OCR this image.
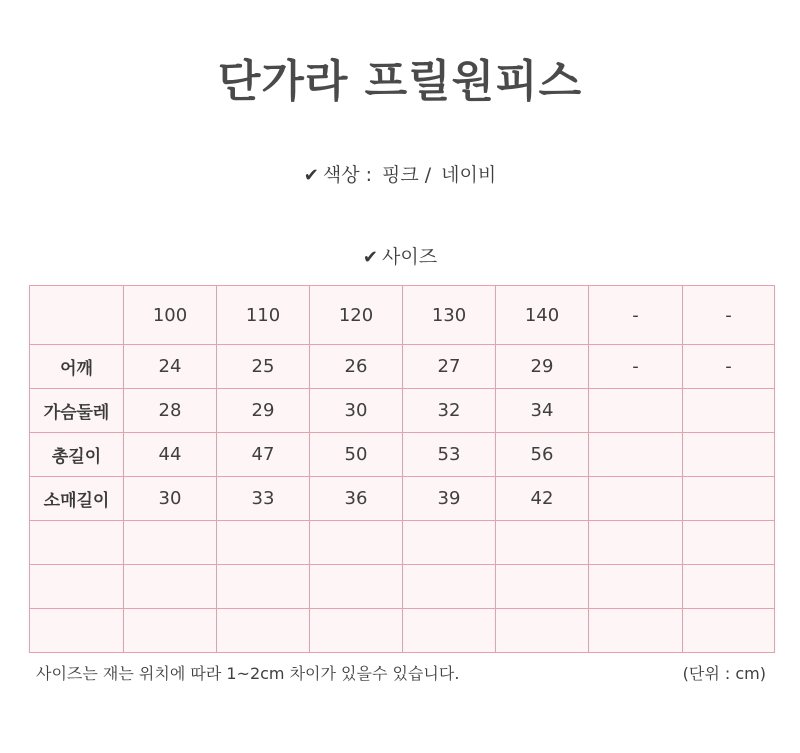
단가라 프릴원피스
✔ 색상 : 핑크 / 네이비
✔ 사이즈
	100	110	120	130	140	-	-
어깨	24	25	26	27	29	-	-
가슴둘레	28	29	30	32	34		
총길이	44	47	50	53	56		
소매길이	30	33	36	39	42		

사이즈는 재는 위치에 따라 1~2cm 차이가 있을수 있습니다.	(단위 : cm)
